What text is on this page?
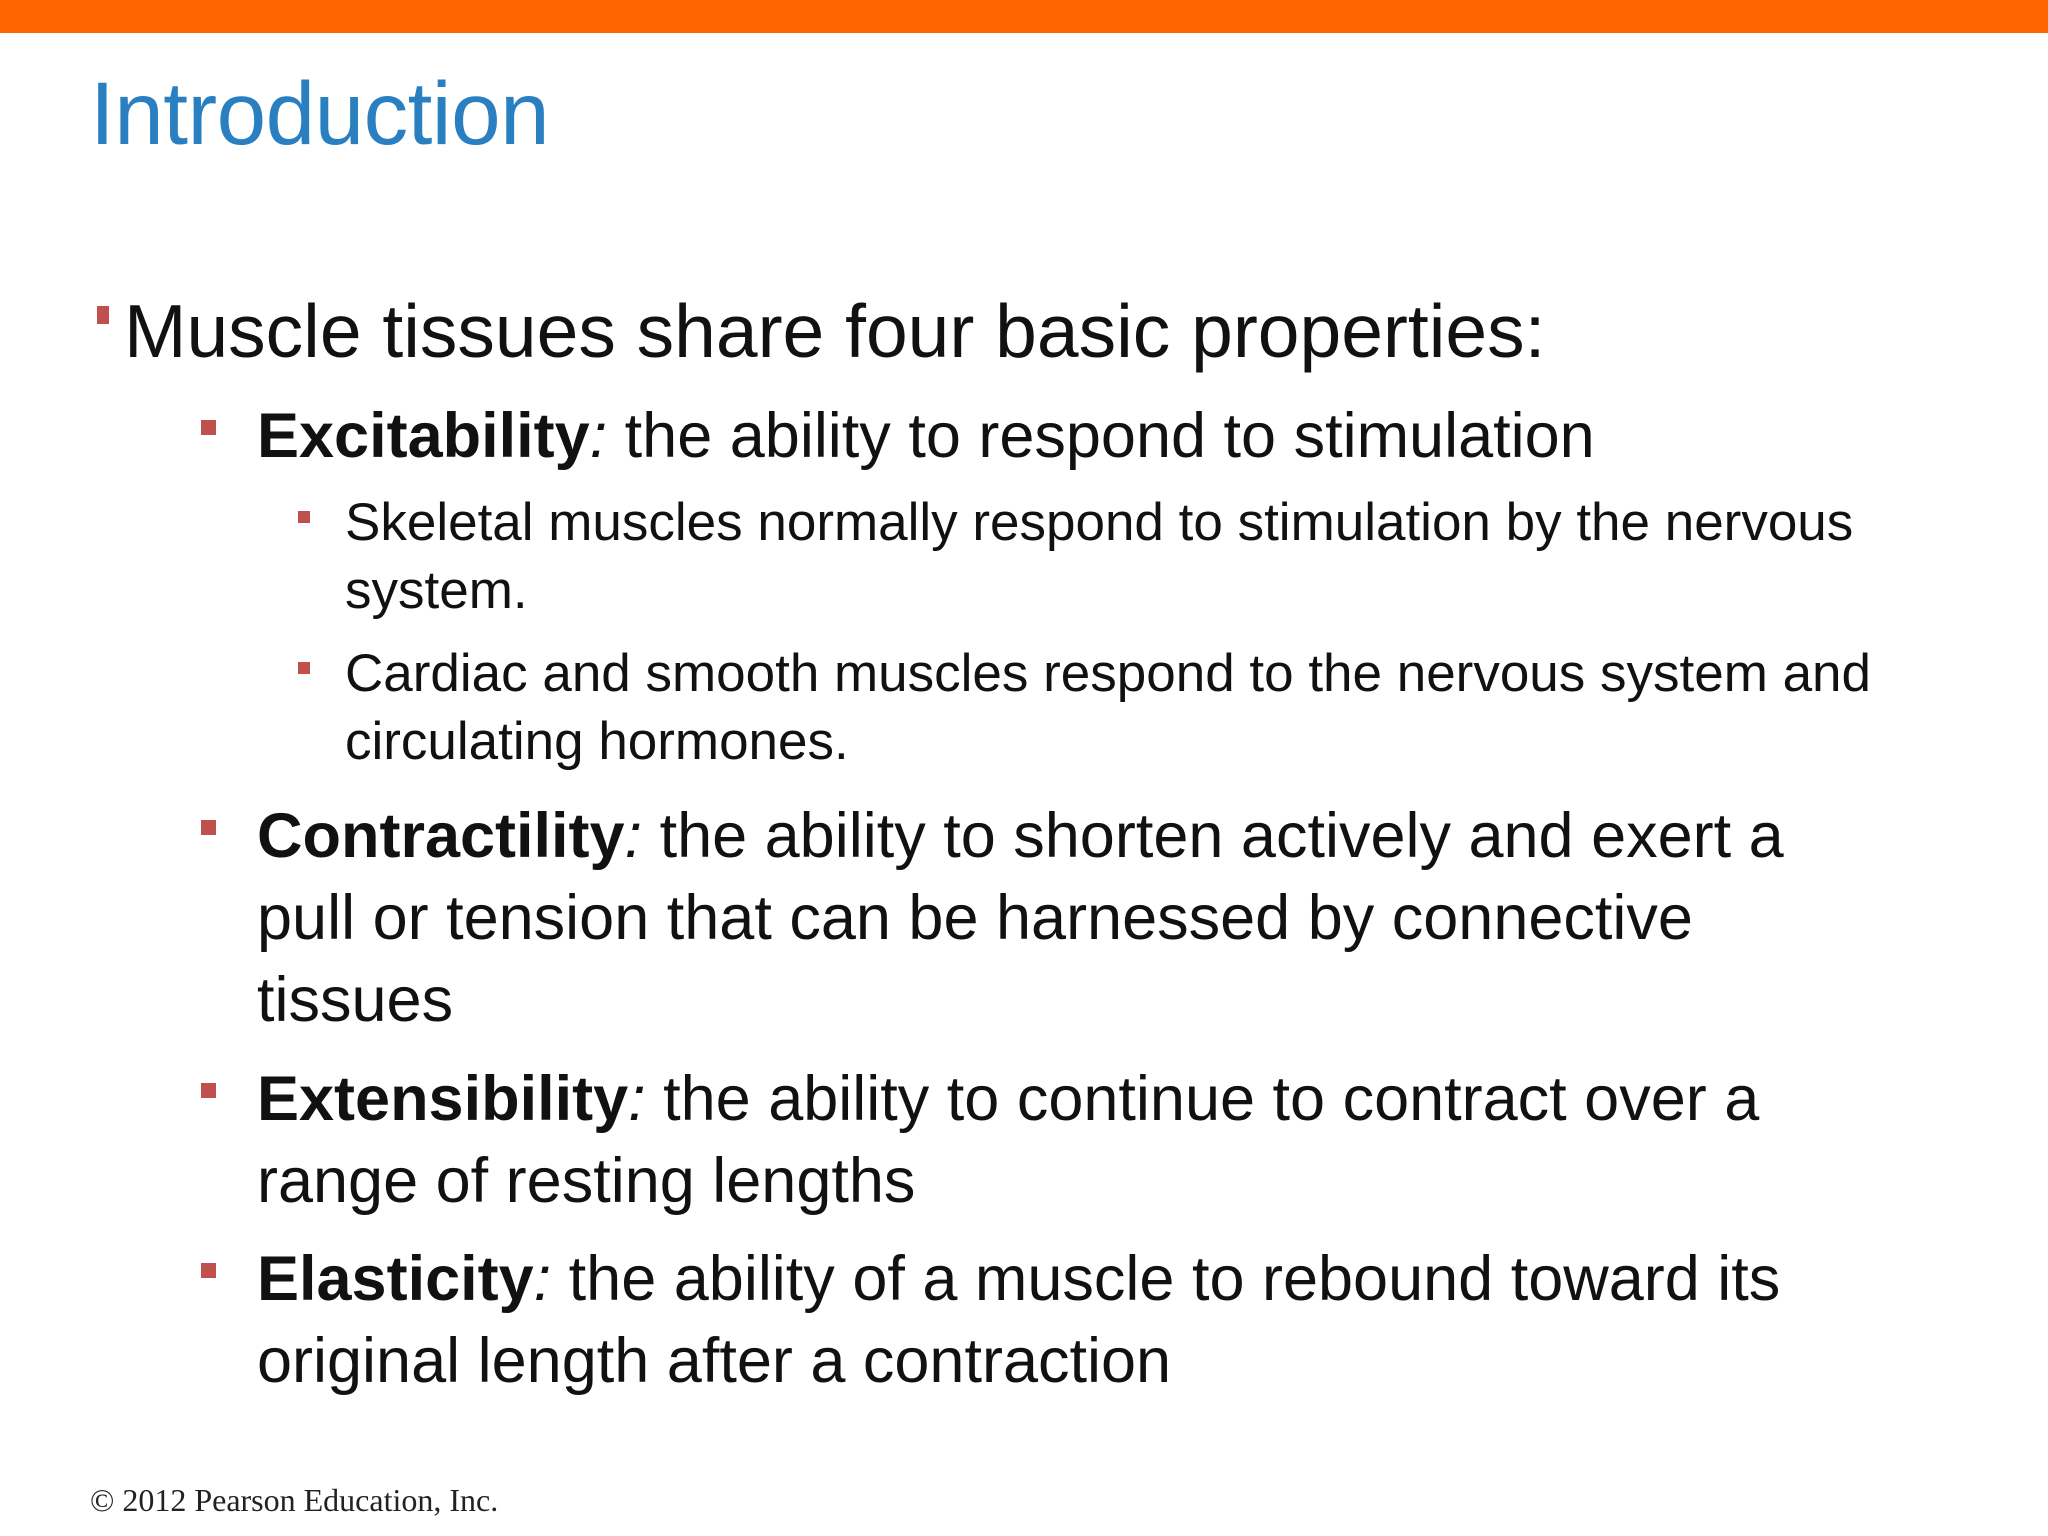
Introduction
Muscle tissues share four basic properties:
Excitability: the ability to respond to stimulation
Skeletal muscles normally respond to stimulation by the nervous system.
Cardiac and smooth muscles respond to the nervous system and circulating hormones.
Contractility: the ability to shorten actively and exert a pull or tension that can be harnessed by connective tissues
Extensibility: the ability to continue to contract over a range of resting lengths
Elasticity: the ability of a muscle to rebound toward its original length after a contraction
© 2012 Pearson Education, Inc.
